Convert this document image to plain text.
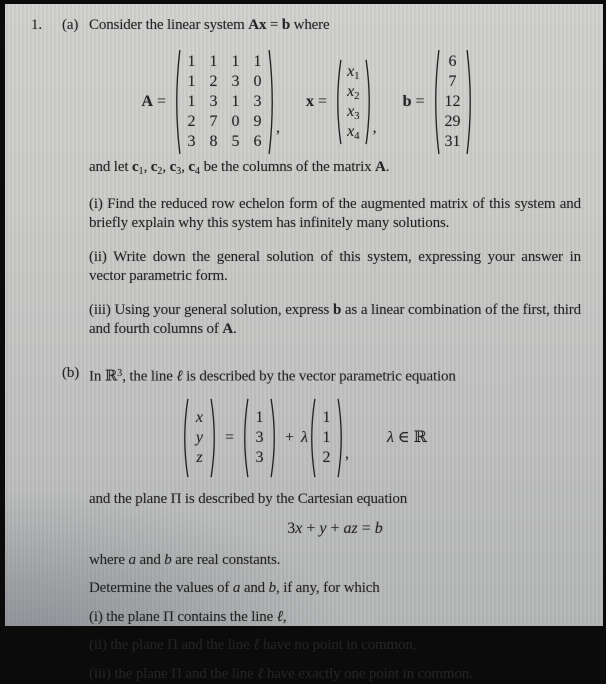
1.	(a) Consider the linear system Ax = b where
A =
1 1 1 1
1 2 3 0
1 3 1 3
2 7 0 9
3 8 5 6
,
x =
$x_1$
$x_2$
$x_3$
$x_4$ ,
b =
6
7
12
29
31

and let $c_1$, $c_2$, $c_3$, $c_4$ be the columns of the matrix A.

(i) Find the reduced row echelon form of the augmented matrix of this system and briefly explain why this system has infinitely many solutions.

(ii) Write down the general solution of this system, expressing your answer in vector parametric form.

(iii) Using your general solution, express b as a linear combination of the first, third and fourth columns of A.

(b) In ℝ$^3$, the line ℓ is described by the vector parametric equation
x
y
z
=
1
3
3
+ λ
1
1
2 ,
λ ∈ ℝ

and the plane Π is described by the Cartesian equation

3x + y + az = b

where a and b are real constants.

Determine the values of a and b, if any, for which

(i) the plane Π contains the line ℓ,

(ii) the plane Π and the line ℓ have no point in common,

(iii) the plane Π and the line ℓ have exactly one point in common.
